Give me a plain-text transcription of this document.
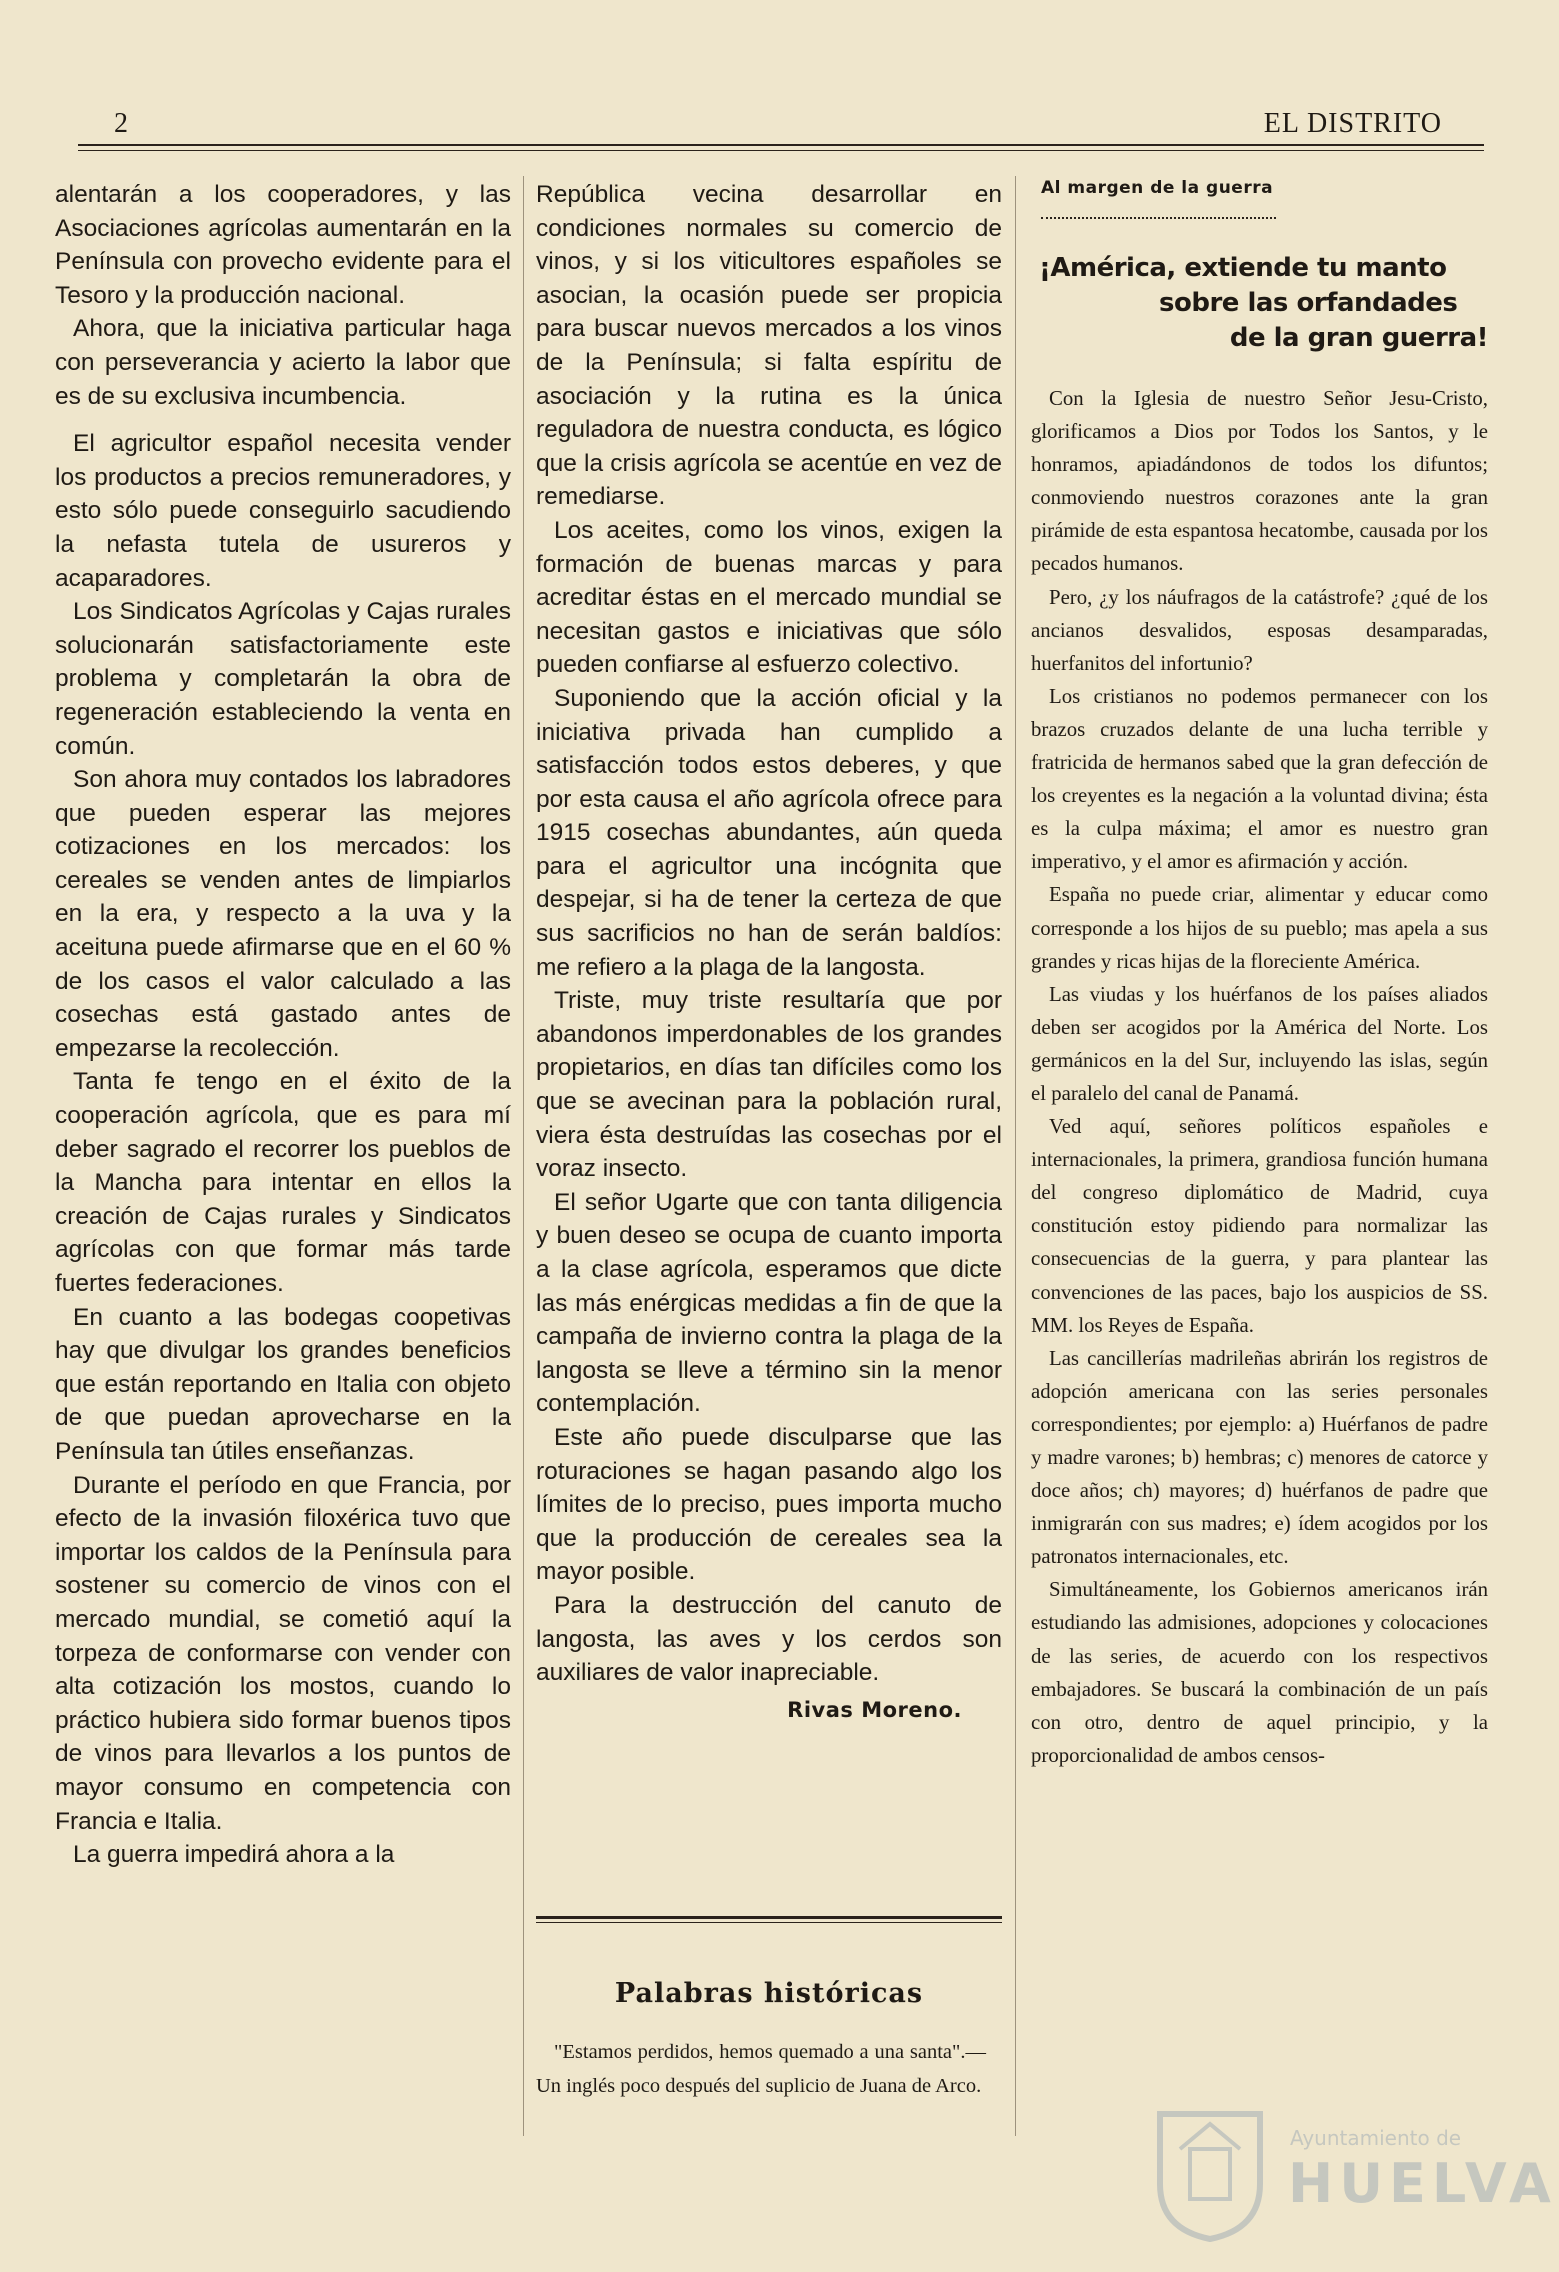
2	EL DISTRITO

alentarán a los cooperadores, y las Asociaciones agrícolas aumentarán en la Península con provecho evidente para el Tesoro y la producción nacional.

Ahora, que la iniciativa particular haga con perseverancia y acierto la labor que es de su exclusiva incumbencia.

El agricultor español necesita vender los productos a precios remuneradores, y esto sólo puede conseguirlo sacudiendo la nefasta tutela de usureros y acaparadores.

Los Sindicatos Agrícolas y Cajas rurales solucionarán satisfactoriamente este problema y completarán la obra de regeneración estableciendo la venta en común.

Son ahora muy contados los labradores que pueden esperar las mejores cotizaciones en los mercados: los cereales se venden antes de limpiarlos en la era, y respecto a la uva y la aceituna puede afirmarse que en el 60 % de los casos el valor calculado a las cosechas está gastado antes de empezarse la recolección.

Tanta fe tengo en el éxito de la cooperación agrícola, que es para mí deber sagrado el recorrer los pueblos de la Mancha para intentar en ellos la creación de Cajas rurales y Sindicatos agrícolas con que formar más tarde fuertes federaciones.

En cuanto a las bodegas coopetivas hay que divulgar los grandes beneficios que están reportando en Italia con objeto de que puedan aprovecharse en la Península tan útiles enseñanzas.

Durante el período en que Francia, por efecto de la invasión filoxérica tuvo que importar los caldos de la Península para sostener su comercio de vinos con el mercado mundial, se cometió aquí la torpeza de conformarse con vender con alta cotización los mostos, cuando lo práctico hubiera sido formar buenos tipos de vinos para llevarlos a los puntos de mayor consumo en competencia con Francia e Italia.

La guerra impedirá ahora a la

República vecina desarrollar en condiciones normales su comercio de vinos, y si los viticultores españoles se asocian, la ocasión puede ser propicia para buscar nuevos mercados a los vinos de la Península; si falta espíritu de asociación y la rutina es la única reguladora de nuestra conducta, es lógico que la crisis agrícola se acentúe en vez de remediarse.

Los aceites, como los vinos, exigen la formación de buenas marcas y para acreditar éstas en el mercado mundial se necesitan gastos e iniciativas que sólo pueden confiarse al esfuerzo colectivo.

Suponiendo que la acción oficial y la iniciativa privada han cumplido a satisfacción todos estos deberes, y que por esta causa el año agrícola ofrece para 1915 cosechas abundantes, aún queda para el agricultor una incógnita que despejar, si ha de tener la certeza de que sus sacrificios no han de serán baldíos: me refiero a la plaga de la langosta.

Triste, muy triste resultaría que por abandonos imperdonables de los grandes propietarios, en días tan difíciles como los que se avecinan para la población rural, viera ésta destruídas las cosechas por el voraz insecto.

El señor Ugarte que con tanta diligencia y buen deseo se ocupa de cuanto importa a la clase agrícola, esperamos que dicte las más enérgicas medidas a fin de que la campaña de invierno contra la plaga de la langosta se lleve a término sin la menor contemplación.

Este año puede disculparse que las roturaciones se hagan pasando algo los límites de lo preciso, pues importa mucho que la producción de cereales sea la mayor posible.

Para la destrucción del canuto de langosta, las aves y los cerdos son auxiliares de valor inapreciable.

Rivas Moreno.
Palabras históricas
"Estamos perdidos, hemos quemado a una santa".—Un inglés poco después del suplicio de Juana de Arco.
Al margen de la guerra
¡América, extiende tu manto
sobre las orfandades
de la gran guerra!

Con la Iglesia de nuestro Señor Jesu-Cristo, glorificamos a Dios por Todos los Santos, y le honramos, apiadándonos de todos los difuntos; conmoviendo nuestros corazones ante la gran pirámide de esta espantosa hecatombe, causada por los pecados humanos.

Pero, ¿y los náufragos de la catástrofe? ¿qué de los ancianos desvalidos, esposas desamparadas, huerfanitos del infortunio?

Los cristianos no podemos permanecer con los brazos cruzados delante de una lucha terrible y fratricida de hermanos sabed que la gran defección de los creyentes es la negación a la voluntad divina; ésta es la culpa máxima; el amor es nuestro gran imperativo, y el amor es afirmación y acción.

España no puede criar, alimentar y educar como corresponde a los hijos de su pueblo; mas apela a sus grandes y ricas hijas de la floreciente América.

Las viudas y los huérfanos de los países aliados deben ser acogidos por la América del Norte. Los germánicos en la del Sur, incluyendo las islas, según el paralelo del canal de Panamá.

Ved aquí, señores políticos españoles e internacionales, la primera, grandiosa función humana del congreso diplomático de Madrid, cuya constitución estoy pidiendo para normalizar las consecuencias de la guerra, y para plantear las convenciones de las paces, bajo los auspicios de SS. MM. los Reyes de España.

Las cancillerías madrileñas abrirán los registros de adopción americana con las series personales correspondientes; por ejemplo: a) Huérfanos de padre y madre varones; b) hembras; c) menores de catorce y doce años; ch) mayores; d) huérfanos de padre que inmigrarán con sus madres; e) ídem acogidos por los patronatos internacionales, etc.

Simultáneamente, los Gobiernos americanos irán estudiando las admisiones, adopciones y colocaciones de las series, de acuerdo con los respectivos embajadores. Se buscará la combinación de un país con otro, dentro de aquel principio, y la proporcionalidad de ambos censos-

Ayuntamiento de
HUELVA
